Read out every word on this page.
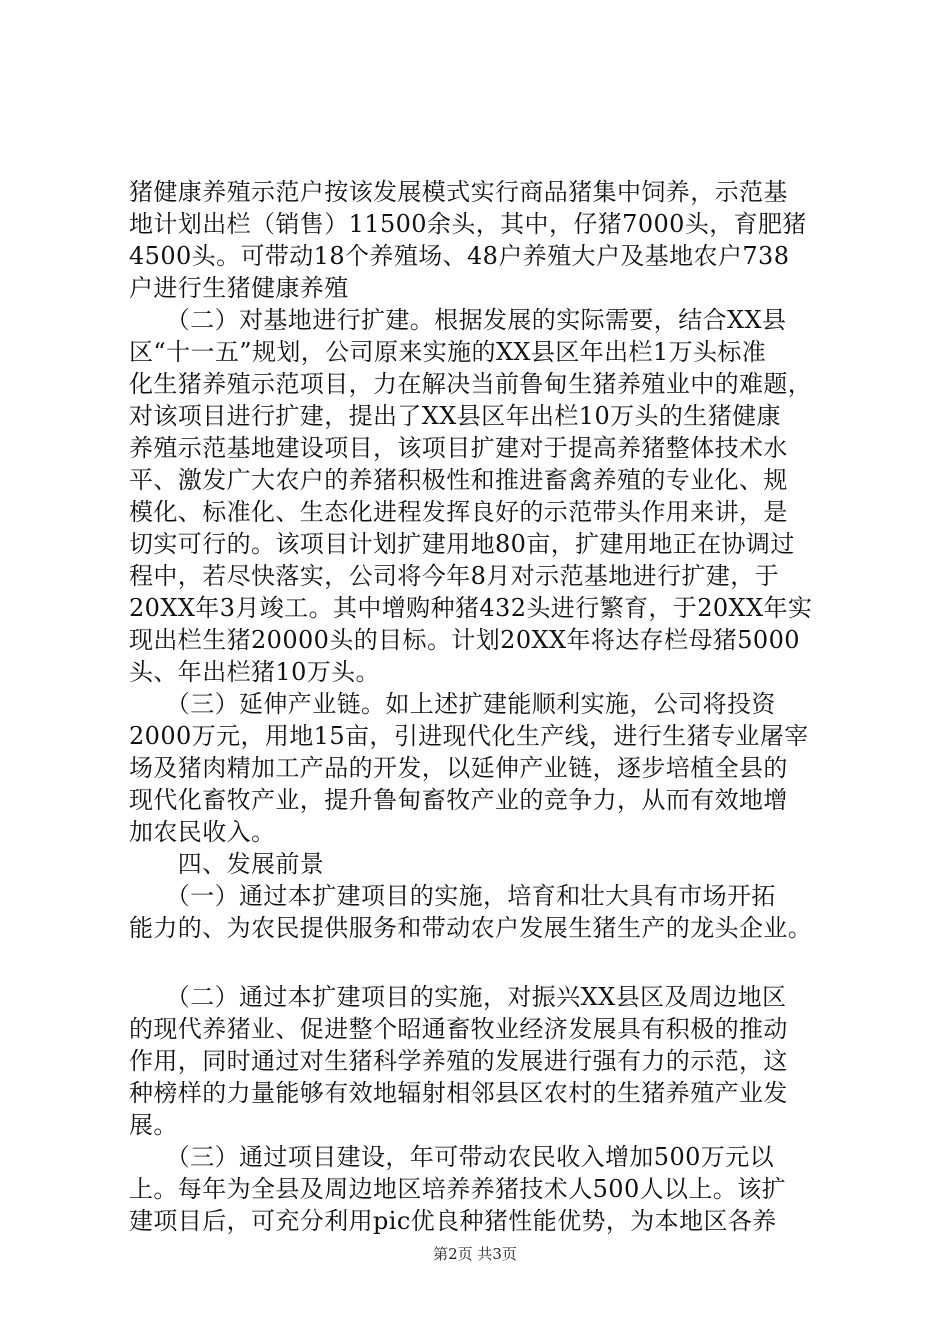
猪健康养殖示范户按该发展模式实行商品猪集中饲养，示范基
地计划出栏（销售）11500余头，其中，仔猪7000头，育肥猪
4500头。可带动18个养殖场、48户养殖大户及基地农户738
户进行生猪健康养殖
　　（二）对基地进行扩建。根据发展的实际需要，结合XX县
区“十一五”规划，公司原来实施的XX县区年出栏1万头标准
化生猪养殖示范项目，力在解决当前鲁甸生猪养殖业中的难题，
对该项目进行扩建，提出了XX县区年出栏10万头的生猪健康
养殖示范基地建设项目，该项目扩建对于提高养猪整体技术水
平、激发广大农户的养猪积极性和推进畜禽养殖的专业化、规
模化、标准化、生态化进程发挥良好的示范带头作用来讲，是
切实可行的。该项目计划扩建用地80亩，扩建用地正在协调过
程中，若尽快落实，公司将今年8月对示范基地进行扩建，于
20XX年3月竣工。其中增购种猪432头进行繁育，于20XX年实
现出栏生猪20000头的目标。计划20XX年将达存栏母猪5000
头、年出栏猪10万头。
　　（三）延伸产业链。如上述扩建能顺利实施，公司将投资
2000万元，用地15亩，引进现代化生产线，进行生猪专业屠宰
场及猪肉精加工产品的开发，以延伸产业链，逐步培植全县的
现代化畜牧产业，提升鲁甸畜牧产业的竞争力，从而有效地增
加农民收入。
　　四、发展前景
　　（一）通过本扩建项目的实施，培育和壮大具有市场开拓
能力的、为农民提供服务和带动农户发展生猪生产的龙头企业。
　　（二）通过本扩建项目的实施，对振兴XX县区及周边地区
的现代养猪业、促进整个昭通畜牧业经济发展具有积极的推动
作用，同时通过对生猪科学养殖的发展进行强有力的示范，这
种榜样的力量能够有效地辐射相邻县区农村的生猪养殖产业发
展。
　　（三）通过项目建设，年可带动农民收入增加500万元以
上。每年为全县及周边地区培养养猪技术人500人以上。该扩
建项目后，可充分利用pic优良种猪性能优势，为本地区各养
第2页 共3页
